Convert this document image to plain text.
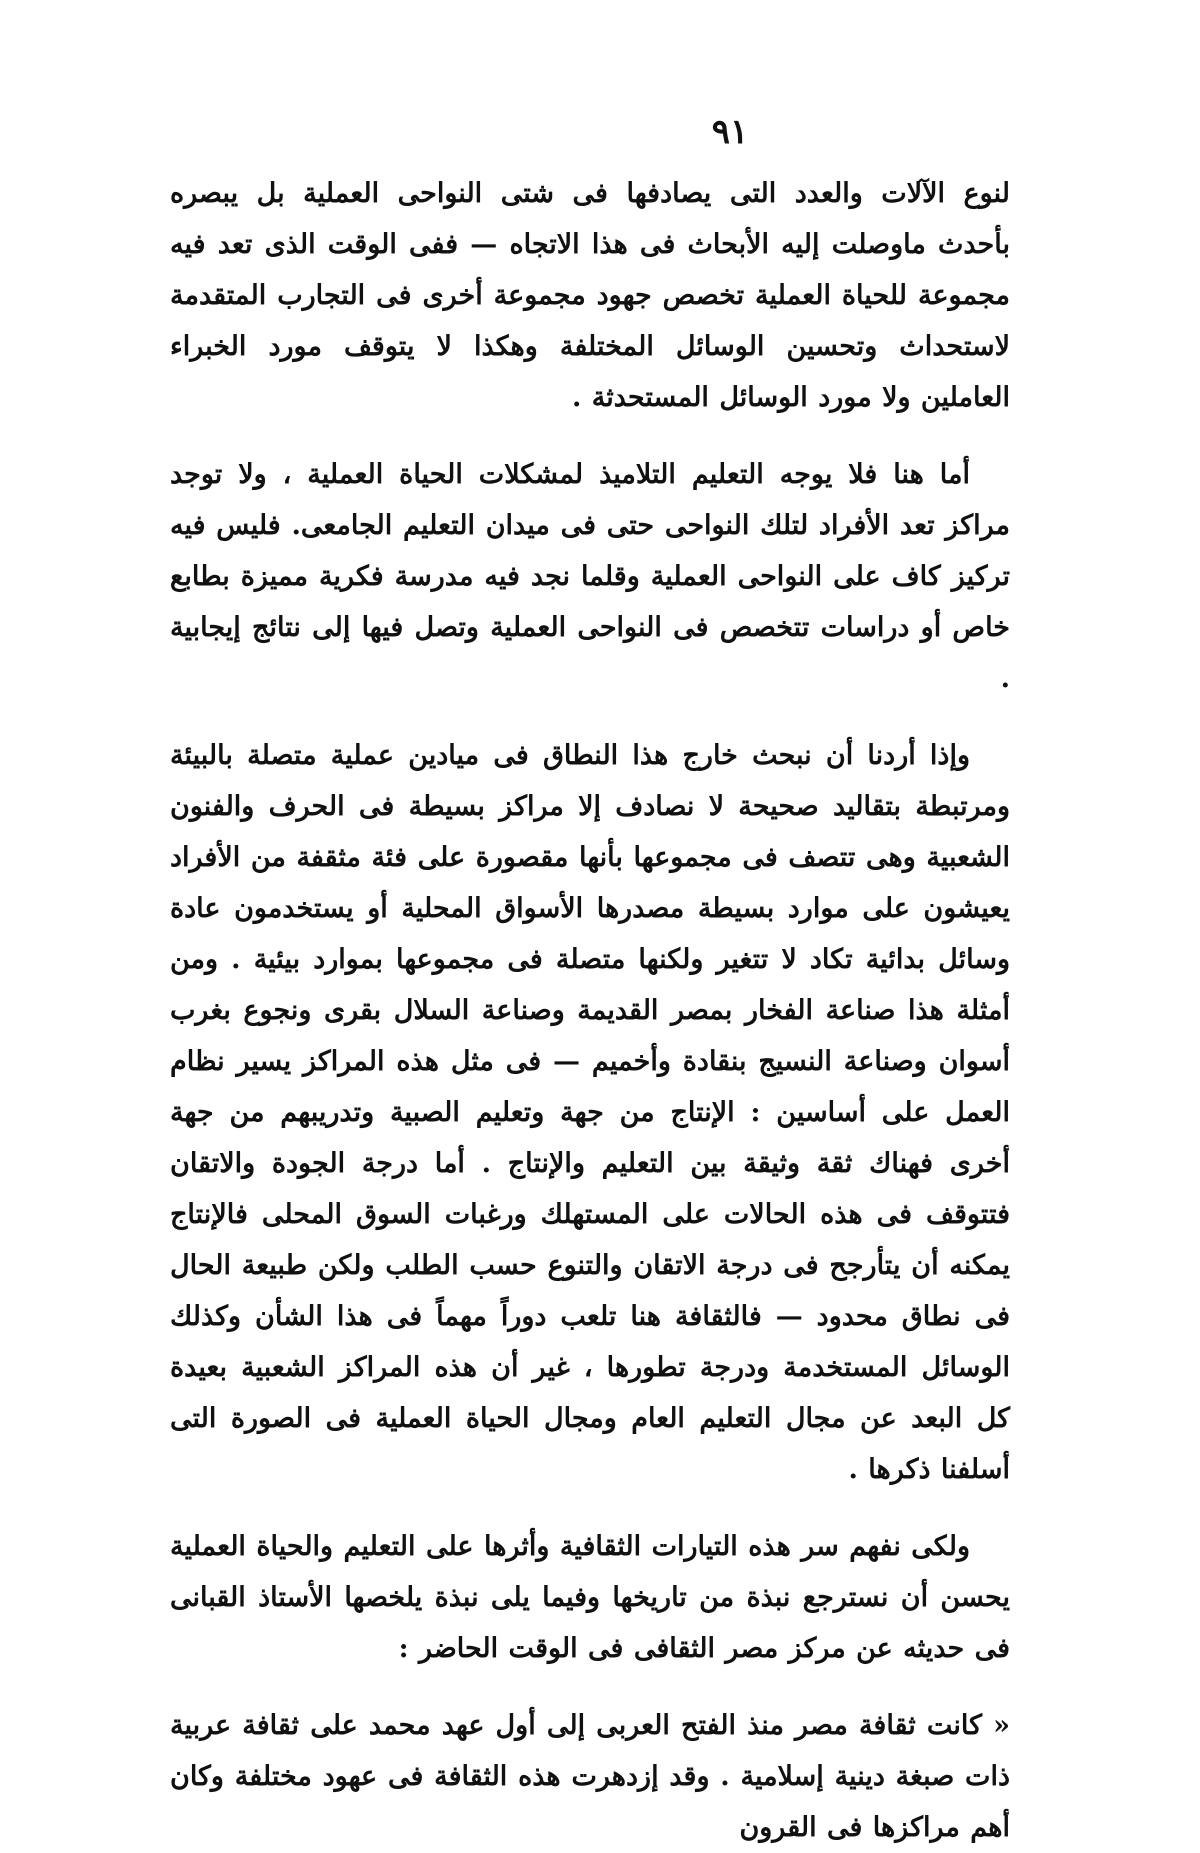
٩١

لنوع الآلات والعدد التى يصادفها فى شتى النواحى العملية بل يبصره بأحدث ماوصلت إليه الأبحاث فى هذا الاتجاه — ففى الوقت الذى تعد فيه مجموعة للحياة العملية تخصص جهود مجموعة أخرى فى التجارب المتقدمة لاستحداث وتحسين الوسائل المختلفة وهكذا لا يتوقف مورد الخبراء العاملين ولا مورد الوسائل المستحدثة .

أما هنا فلا يوجه التعليم التلاميذ لمشكلات الحياة العملية ، ولا توجد مراكز تعد الأفراد لتلك النواحى حتى فى ميدان التعليم الجامعى. فليس فيه تركيز كاف على النواحى العملية وقلما نجد فيه مدرسة فكرية مميزة بطابع خاص أو دراسات تتخصص فى النواحى العملية وتصل فيها إلى نتائج إيجابية .

وإذا أردنا أن نبحث خارج هذا النطاق فى ميادين عملية متصلة بالبيئة ومرتبطة بتقاليد صحيحة لا نصادف إلا مراكز بسيطة فى الحرف والفنون الشعبية وهى تتصف فى مجموعها بأنها مقصورة على فئة مثقفة من الأفراد يعيشون على موارد بسيطة مصدرها الأسواق المحلية أو يستخدمون عادة وسائل بدائية تكاد لا تتغير ولكنها متصلة فى مجموعها بموارد بيئية . ومن أمثلة هذا صناعة الفخار بمصر القديمة وصناعة السلال بقرى ونجوع بغرب أسوان وصناعة النسيج بنقادة وأخميم — فى مثل هذه المراكز يسير نظام العمل على أساسين : الإنتاج من جهة وتعليم الصبية وتدريبهم من جهة أخرى فهناك ثقة وثيقة بين التعليم والإنتاج . أما درجة الجودة والاتقان فتتوقف فى هذه الحالات على المستهلك ورغبات السوق المحلى فالإنتاج يمكنه أن يتأرجح فى درجة الاتقان والتنوع حسب الطلب ولكن طبيعة الحال فى نطاق محدود — فالثقافة هنا تلعب دوراً مهماً فى هذا الشأن وكذلك الوسائل المستخدمة ودرجة تطورها ، غير أن هذه المراكز الشعبية بعيدة كل البعد عن مجال التعليم العام ومجال الحياة العملية فى الصورة التى أسلفنا ذكرها .

ولكى نفهم سر هذه التيارات الثقافية وأثرها على التعليم والحياة العملية يحسن أن نسترجع نبذة من تاريخها وفيما يلى نبذة يلخصها الأستاذ القبانى فى حديثه عن مركز مصر الثقافى فى الوقت الحاضر :

« كانت ثقافة مصر منذ الفتح العربى إلى أول عهد محمد على ثقافة عربية ذات صبغة دينية إسلامية . وقد إزدهرت هذه الثقافة فى عهود مختلفة وكان أهم مراكزها فى القرون
